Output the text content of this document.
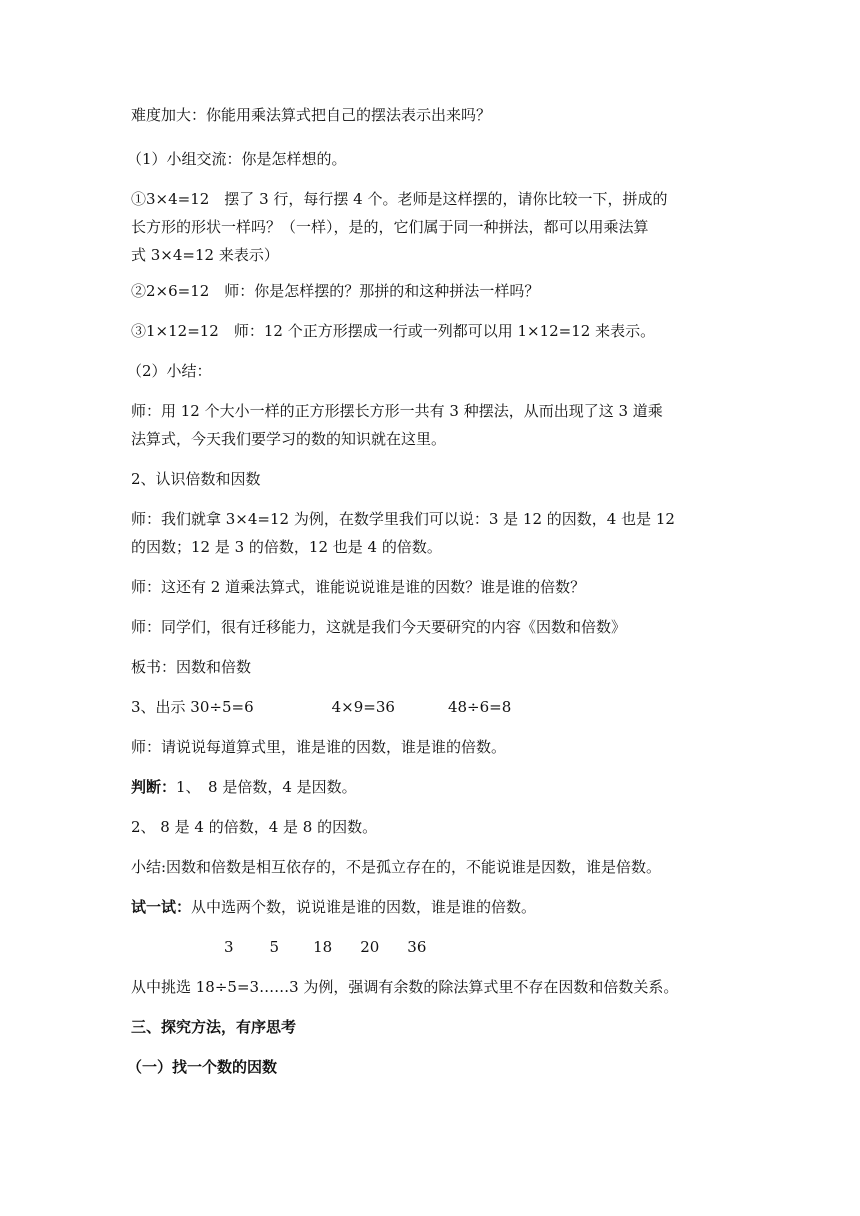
难度加大：你能用乘法算式把自己的摆法表示出来吗？

（1）小组交流：你是怎样想的。

①3×4=12　摆了 3 行，每行摆 4 个。老师是这样摆的，请你比较一下，拼成的

长方形的形状一样吗？（一样），是的，它们属于同一种拼法，都可以用乘法算

式 3×4=12 来表示）

②2×6=12　师：你是怎样摆的？那拼的和这种拼法一样吗？

③1×12=12　师：12 个正方形摆成一行或一列都可以用 1×12=12 来表示。

（2）小结：

师：用 12 个大小一样的正方形摆长方形一共有 3 种摆法，从而出现了这 3 道乘

法算式，今天我们要学习的数的知识就在这里。

2、认识倍数和因数

师：我们就拿 3×4=12 为例，在数学里我们可以说：3 是 12 的因数，4 也是 12

的因数；12 是 3 的倍数，12 也是 4 的倍数。

师：这还有 2 道乘法算式，谁能说说谁是谁的因数？谁是谁的倍数？

师：同学们，很有迁移能力，这就是我们今天要研究的内容《因数和倍数》

板书：因数和倍数

3、出示 30÷5=6	4×9=36	48÷6=8

师：请说说每道算式里，谁是谁的因数，谁是谁的倍数。

判断：1、　8 是倍数，4 是因数。

2、 8 是 4 的倍数，4 是 8 的因数。

小结:因数和倍数是相互依存的，不是孤立存在的，不能说谁是因数，谁是倍数。

试一试：从中选两个数，说说谁是谁的因数，谁是谁的倍数。

3 5 18 20 36

从中挑选 18÷5=3……3 为例，强调有余数的除法算式里不存在因数和倍数关系。

三、探究方法，有序思考

（一）找一个数的因数
